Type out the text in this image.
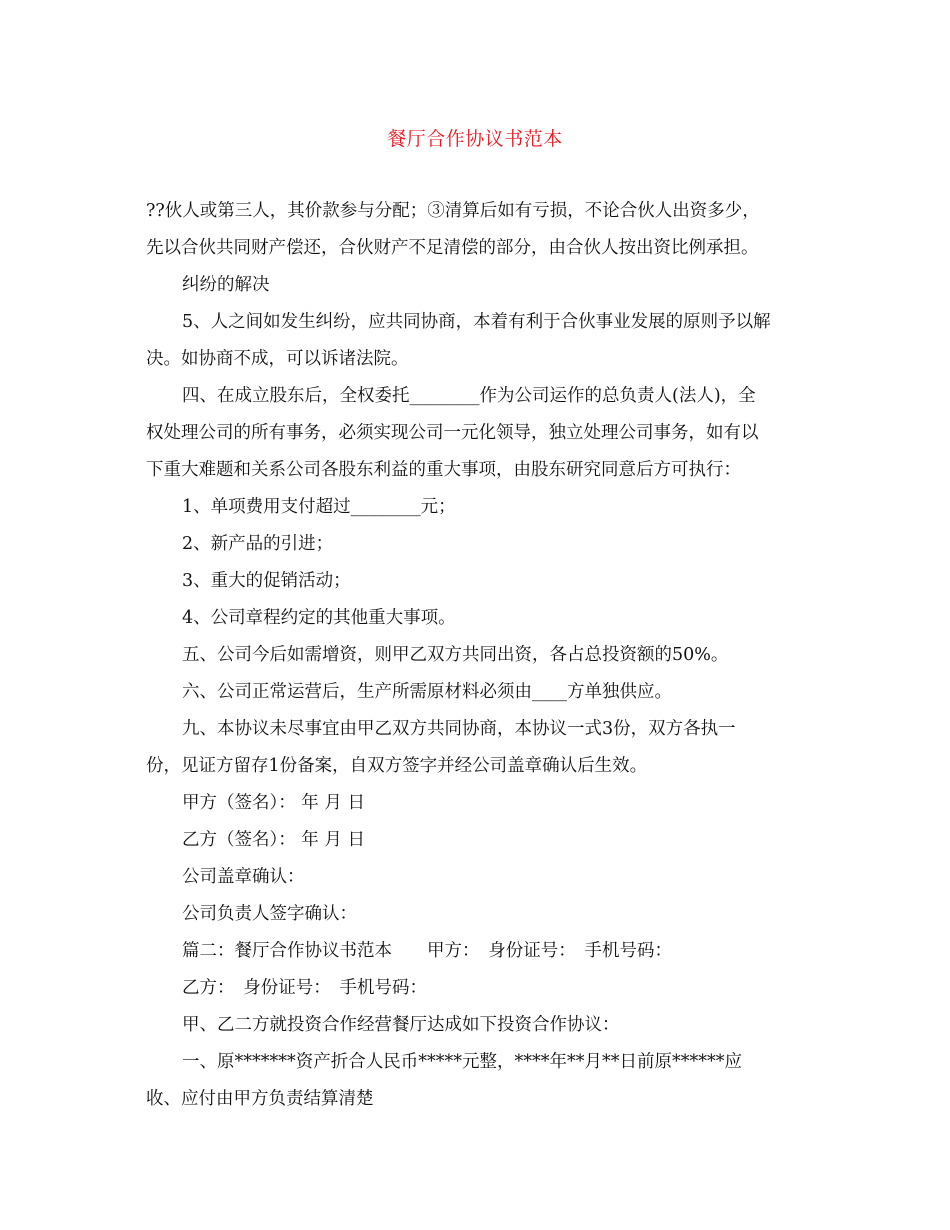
餐厅合作协议书范本

??伙人或第三人，其价款参与分配；③清算后如有亏损，不论合伙人出资多少，

先以合伙共同财产偿还，合伙财产不足清偿的部分，由合伙人按出资比例承担。

纠纷的解决

5、人之间如发生纠纷，应共同协商，本着有利于合伙事业发展的原则予以解

决。如协商不成，可以诉诸法院。

四、在成立股东后，全权委托________作为公司运作的总负责人(法人)，全

权处理公司的所有事务，必须实现公司一元化领导，独立处理公司事务，如有以

下重大难题和关系公司各股东利益的重大事项，由股东研究同意后方可执行：

1、单项费用支付超过________元；

2、新产品的引进；

3、重大的促销活动；

4、公司章程约定的其他重大事项。

五、公司今后如需增资，则甲乙双方共同出资，各占总投资额的50%。

六、公司正常运营后，生产所需原材料必须由____方单独供应。

九、本协议未尽事宜由甲乙双方共同协商，本协议一式3份，双方各执一

份，见证方留存1份备案，自双方签字并经公司盖章确认后生效。

甲方（签名）： 年 月 日

乙方（签名）： 年 月 日

公司盖章确认：

公司负责人签字确认：

篇二：餐厅合作协议书范本　　甲方：　身份证号：　手机号码：

乙方：　身份证号：　手机号码：

甲、乙二方就投资合作经营餐厅达成如下投资合作协议：

一、原*******资产折合人民币*****元整，****年**月**日前原******应

收、应付由甲方负责结算清楚
